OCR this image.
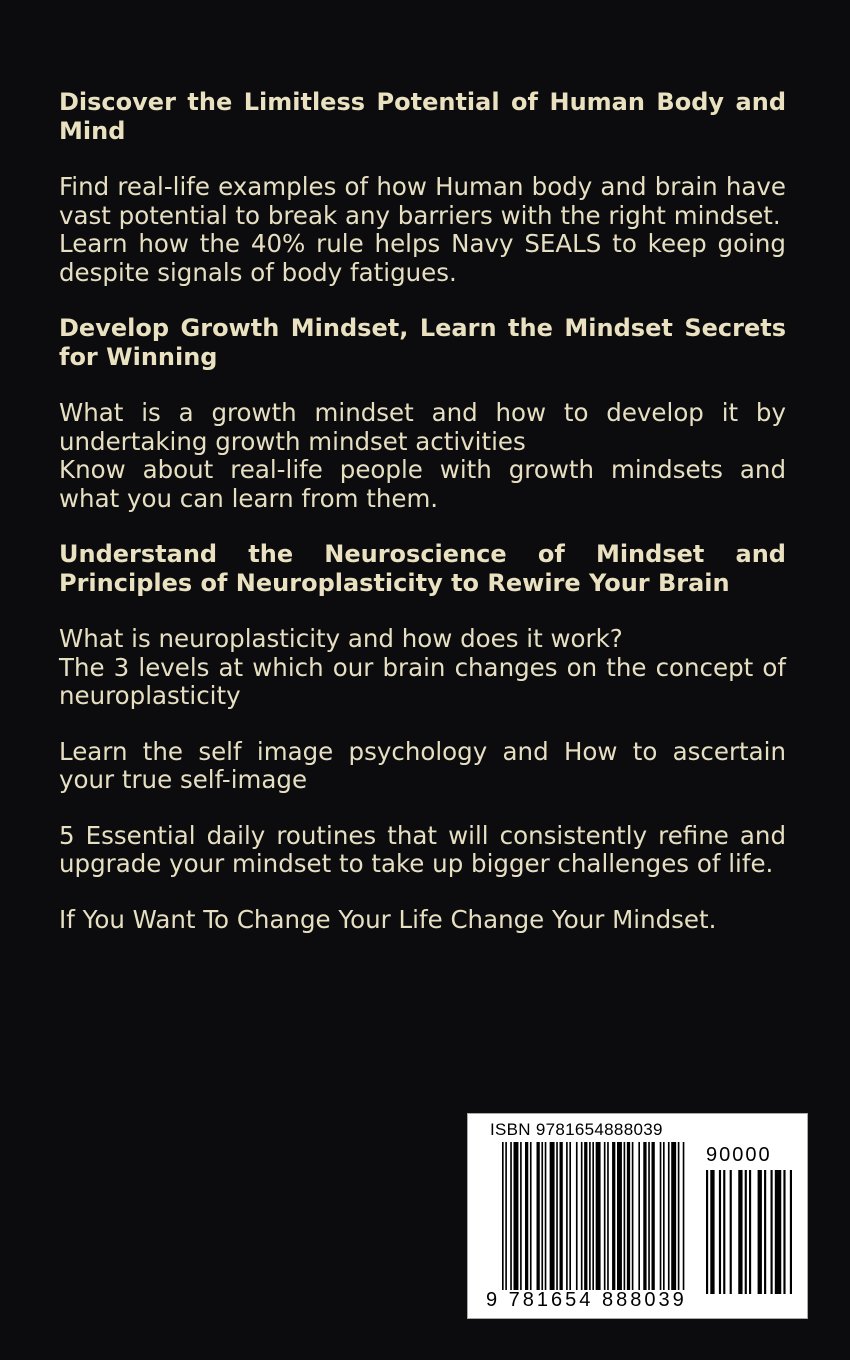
Discover the Limitless Potential of Human Body and Mind

Find real-life examples of how Human body and brain have vast potential to break any barriers with the right mindset.

Learn how the 40% rule helps Navy SEALS to keep going despite signals of body fatigues.

Develop Growth Mindset, Learn the Mindset Secrets for Winning

What is a growth mindset and how to develop it by undertaking growth mindset activities

Know about real-life people with growth mindsets and what you can learn from them.

Understand the Neuroscience of Mindset and

Principles of Neuroplasticity to Rewire Your Brain

What is neuroplasticity and how does it work?

The 3 levels at which our brain changes on the concept of neuroplasticity

Learn the self image psychology and How to ascertain your true self-image

5 Essential daily routines that will consistently refine and upgrade your mindset to take up bigger challenges of life.

If You Want To Change Your Life Change Your Mindset.

ISBN 9781654888039
90000
9 781654 888039
